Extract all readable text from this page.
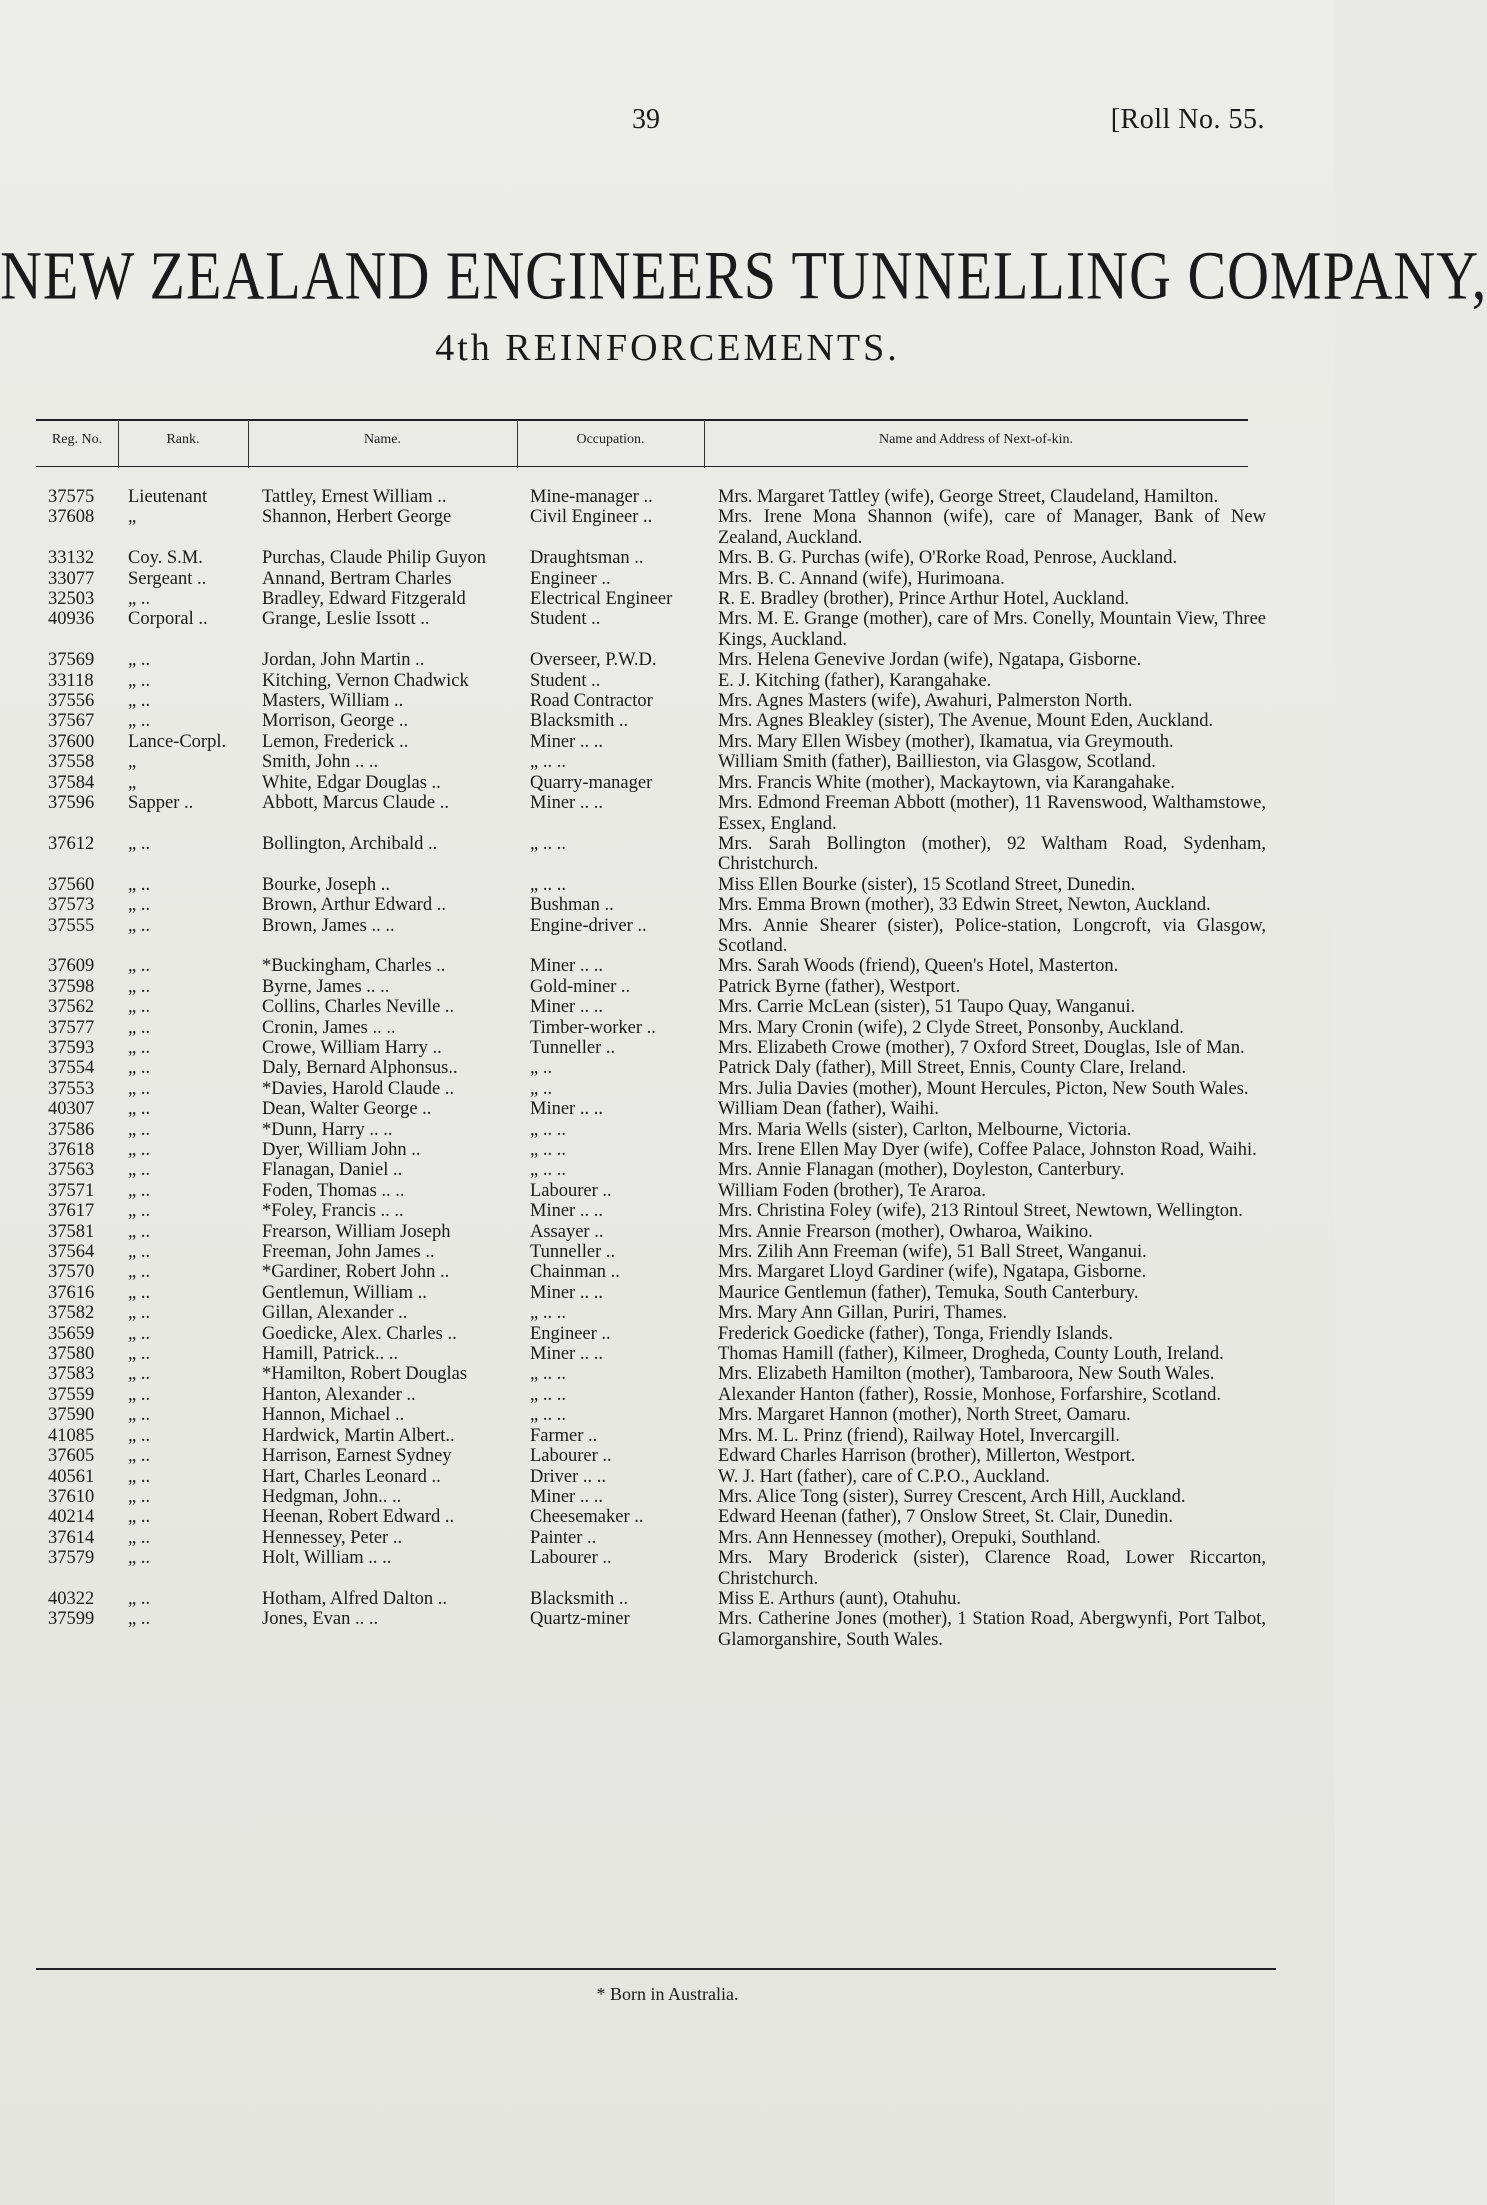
39	[Roll No. 55.
NEW ZEALAND ENGINEERS TUNNELLING COMPANY,
4th REINFORCEMENTS.
Reg. No.	Rank.	Name.	Occupation.	Name and Address of Next-of-kin.
37575	Lieutenant	Tattley, Ernest William ..	Mine-manager ..	Mrs. Margaret Tattley (wife), George Street, Claudeland, Hamilton.
37608	„	Shannon, Herbert George	Civil Engineer ..	Mrs. Irene Mona Shannon (wife), care of Manager, Bank of New Zealand, Auckland.
33132	Coy. S.M.	Purchas, Claude Philip Guyon	Draughtsman ..	Mrs. B. G. Purchas (wife), O'Rorke Road, Penrose, Auckland.
33077	Sergeant ..	Annand, Bertram Charles	Engineer ..	Mrs. B. C. Annand (wife), Hurimoana.
32503	„ ..	Bradley, Edward Fitzgerald	Electrical Engineer	R. E. Bradley (brother), Prince Arthur Hotel, Auckland.
40936	Corporal ..	Grange, Leslie Issott ..	Student ..	Mrs. M. E. Grange (mother), care of Mrs. Conelly, Mountain View, Three Kings, Auckland.
37569	„ ..	Jordan, John Martin ..	Overseer, P.W.D.	Mrs. Helena Genevive Jordan (wife), Ngatapa, Gisborne.
33118	„ ..	Kitching, Vernon Chadwick	Student ..	E. J. Kitching (father), Karangahake.
37556	„ ..	Masters, William ..	Road Contractor	Mrs. Agnes Masters (wife), Awahuri, Palmerston North.
37567	„ ..	Morrison, George ..	Blacksmith ..	Mrs. Agnes Bleakley (sister), The Avenue, Mount Eden, Auckland.
37600	Lance-Corpl.	Lemon, Frederick ..	Miner .. ..	Mrs. Mary Ellen Wisbey (mother), Ikamatua, via Greymouth.
37558	„	Smith, John .. ..	„ .. ..	William Smith (father), Baillieston, via Glasgow, Scotland.
37584	„	White, Edgar Douglas ..	Quarry-manager	Mrs. Francis White (mother), Mackaytown, via Karangahake.
37596	Sapper ..	Abbott, Marcus Claude ..	Miner .. ..	Mrs. Edmond Freeman Abbott (mother), 11 Ravenswood, Walthamstowe, Essex, England.
37612	„ ..	Bollington, Archibald ..	„ .. ..	Mrs. Sarah Bollington (mother), 92 Waltham Road, Sydenham, Christchurch.
37560	„ ..	Bourke, Joseph ..	„ .. ..	Miss Ellen Bourke (sister), 15 Scotland Street, Dunedin.
37573	„ ..	Brown, Arthur Edward ..	Bushman ..	Mrs. Emma Brown (mother), 33 Edwin Street, Newton, Auckland.
37555	„ ..	Brown, James .. ..	Engine-driver ..	Mrs. Annie Shearer (sister), Police-station, Longcroft, via Glasgow, Scotland.
37609	„ ..	*Buckingham, Charles ..	Miner .. ..	Mrs. Sarah Woods (friend), Queen's Hotel, Masterton.
37598	„ ..	Byrne, James .. ..	Gold-miner ..	Patrick Byrne (father), Westport.
37562	„ ..	Collins, Charles Neville ..	Miner .. ..	Mrs. Carrie McLean (sister), 51 Taupo Quay, Wanganui.
37577	„ ..	Cronin, James .. ..	Timber-worker ..	Mrs. Mary Cronin (wife), 2 Clyde Street, Ponsonby, Auckland.
37593	„ ..	Crowe, William Harry ..	Tunneller ..	Mrs. Elizabeth Crowe (mother), 7 Oxford Street, Douglas, Isle of Man.
37554	„ ..	Daly, Bernard Alphonsus..	„ ..	Patrick Daly (father), Mill Street, Ennis, County Clare, Ireland.
37553	„ ..	*Davies, Harold Claude ..	„ ..	Mrs. Julia Davies (mother), Mount Hercules, Picton, New South Wales.
40307	„ ..	Dean, Walter George ..	Miner .. ..	William Dean (father), Waihi.
37586	„ ..	*Dunn, Harry .. ..	„ .. ..	Mrs. Maria Wells (sister), Carlton, Melbourne, Victoria.
37618	„ ..	Dyer, William John ..	„ .. ..	Mrs. Irene Ellen May Dyer (wife), Coffee Palace, Johnston Road, Waihi.
37563	„ ..	Flanagan, Daniel ..	„ .. ..	Mrs. Annie Flanagan (mother), Doyleston, Canterbury.
37571	„ ..	Foden, Thomas .. ..	Labourer ..	William Foden (brother), Te Araroa.
37617	„ ..	*Foley, Francis .. ..	Miner .. ..	Mrs. Christina Foley (wife), 213 Rintoul Street, Newtown, Wellington.
37581	„ ..	Frearson, William Joseph	Assayer ..	Mrs. Annie Frearson (mother), Owharoa, Waikino.
37564	„ ..	Freeman, John James ..	Tunneller ..	Mrs. Zilih Ann Freeman (wife), 51 Ball Street, Wanganui.
37570	„ ..	*Gardiner, Robert John ..	Chainman ..	Mrs. Margaret Lloyd Gardiner (wife), Ngatapa, Gisborne.
37616	„ ..	Gentlemun, William ..	Miner .. ..	Maurice Gentlemun (father), Temuka, South Canterbury.
37582	„ ..	Gillan, Alexander ..	„ .. ..	Mrs. Mary Ann Gillan, Puriri, Thames.
35659	„ ..	Goedicke, Alex. Charles ..	Engineer ..	Frederick Goedicke (father), Tonga, Friendly Islands.
37580	„ ..	Hamill, Patrick.. ..	Miner .. ..	Thomas Hamill (father), Kilmeer, Drogheda, County Louth, Ireland.
37583	„ ..	*Hamilton, Robert Douglas	„ .. ..	Mrs. Elizabeth Hamilton (mother), Tambaroora, New South Wales.
37559	„ ..	Hanton, Alexander ..	„ .. ..	Alexander Hanton (father), Rossie, Monhose, Forfarshire, Scotland.
37590	„ ..	Hannon, Michael ..	„ .. ..	Mrs. Margaret Hannon (mother), North Street, Oamaru.
41085	„ ..	Hardwick, Martin Albert..	Farmer ..	Mrs. M. L. Prinz (friend), Railway Hotel, Invercargill.
37605	„ ..	Harrison, Earnest Sydney	Labourer ..	Edward Charles Harrison (brother), Millerton, Westport.
40561	„ ..	Hart, Charles Leonard ..	Driver .. ..	W. J. Hart (father), care of C.P.O., Auckland.
37610	„ ..	Hedgman, John.. ..	Miner .. ..	Mrs. Alice Tong (sister), Surrey Crescent, Arch Hill, Auckland.
40214	„ ..	Heenan, Robert Edward ..	Cheesemaker ..	Edward Heenan (father), 7 Onslow Street, St. Clair, Dunedin.
37614	„ ..	Hennessey, Peter ..	Painter ..	Mrs. Ann Hennessey (mother), Orepuki, Southland.
37579	„ ..	Holt, William .. ..	Labourer ..	Mrs. Mary Broderick (sister), Clarence Road, Lower Riccarton, Christchurch.
40322	„ ..	Hotham, Alfred Dalton ..	Blacksmith ..	Miss E. Arthurs (aunt), Otahuhu.
37599	„ ..	Jones, Evan .. ..	Quartz-miner	Mrs. Catherine Jones (mother), 1 Station Road, Abergwynfi, Port Talbot, Glamorganshire, South Wales.
* Born in Australia.
